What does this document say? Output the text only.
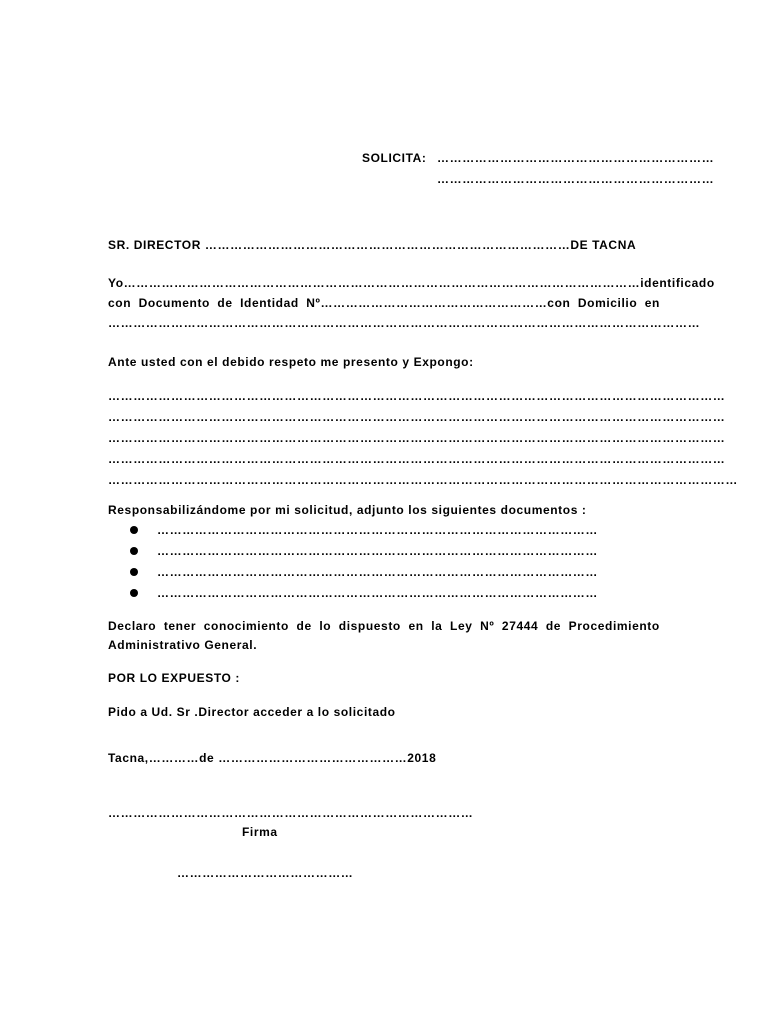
SOLICITA: …………………………………………………………
…………………………………………………………
SR. DIRECTOR ……………………………………………………………………………DE TACNA
Yo……………………………………………………………………………………………………………identificado
con Documento de Identidad Nº………………………………………………con Domicilio en
……………………………………………………………………………………………………………………………
Ante usted con el debido respeto me presento y Expongo:
…………………………………………………………………………………………………………………………………
…………………………………………………………………………………………………………………………………
…………………………………………………………………………………………………………………………………
…………………………………………………………………………………………………………………………………
……………………………………………………………………………………………………………………………………
Responsabilizándome por mi solicitud, adjunto los siguientes documentos :
……………………………………………………………………………………………
……………………………………………………………………………………………
……………………………………………………………………………………………
……………………………………………………………………………………………
Declaro tener conocimiento de lo dispuesto en la Ley Nº 27444 de Procedimiento
Administrativo General.
POR LO EXPUESTO :
Pido a Ud. Sr .Director acceder a lo solicitado
Tacna,…………de ………………………………………2018
……………………………………………………………………………
Firma
……………………………………
